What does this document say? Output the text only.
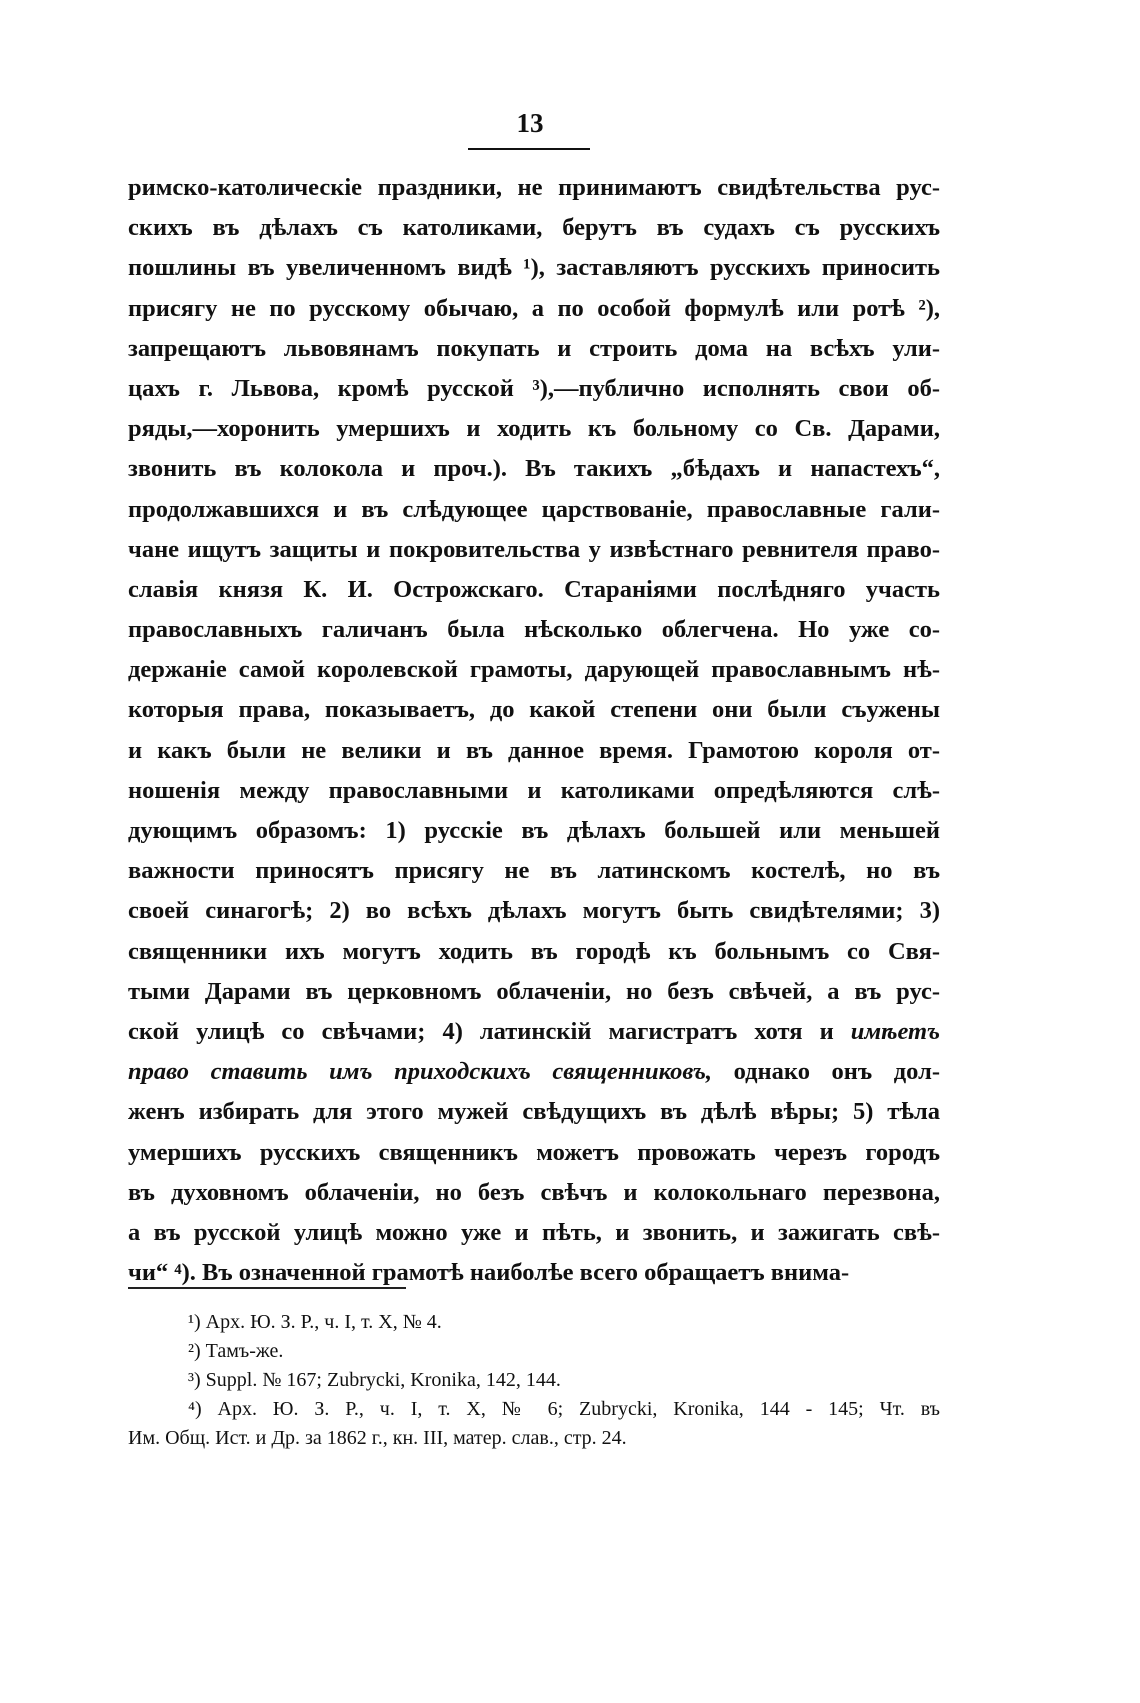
13
римско-католическіе праздники, не принимаютъ свидѣтельства рус-
скихъ въ дѣлахъ съ католиками, берутъ въ судахъ съ русскихъ
пошлины въ увеличенномъ видѣ ¹), заставляютъ русскихъ приносить
присягу не по русскому обычаю, а по особой формулѣ или ротѣ ²),
запрещаютъ львовянамъ покупать и строить дома на всѣхъ ули-
цахъ г. Львова, кромѣ русской ³),—публично исполнять свои об-
ряды,—хоронить умершихъ и ходить къ больному со Св. Дарами,
звонить въ колокола и проч.). Въ такихъ „бѣдахъ и напастехъ“,
продолжавшихся и въ слѣдующее царствованіе, православные гали-
чане ищутъ защиты и покровительства у извѣстнаго ревнителя право-
славія князя К. И. Острожскаго. Стараніями послѣдняго участь
православныхъ галичанъ была нѣсколько облегчена. Но уже со-
держаніе самой королевской грамоты, дарующей православнымъ нѣ-
которыя права, показываетъ, до какой степени они были съужены
и какъ были не велики и въ данное время. Грамотою короля от-
ношенія между православными и католиками опредѣляются слѣ-
дующимъ образомъ: 1) русскіе въ дѣлахъ большей или меньшей
важности приносятъ присягу не въ латинскомъ костелѣ, но въ
своей синагогѣ; 2) во всѣхъ дѣлахъ могутъ быть свидѣтелями; 3)
священники ихъ могутъ ходить въ городѣ къ больнымъ со Свя-
тыми Дарами въ церковномъ облаченіи, но безъ свѣчей, а въ рус-
ской улицѣ со свѣчами; 4) латинскій магистратъ хотя и имѣетъ
право ставить имъ приходскихъ священниковъ, однако онъ дол-
женъ избирать для этого мужей свѣдущихъ въ дѣлѣ вѣры; 5) тѣла
умершихъ русскихъ священникъ можетъ провожать черезъ городъ
въ духовномъ облаченіи, но безъ свѣчъ и колокольнаго перезвона,
а въ русской улицѣ можно уже и пѣть, и звонить, и зажигать свѣ-
чи“ ⁴). Въ означенной грамотѣ наиболѣе всего обращаетъ внима-
¹) Арх. Ю. З. Р., ч. I, т. X, № 4.
²) Тамъ-же.
³) Suppl. № 167; Zubrycki, Kronika, 142, 144.
⁴) Арх. Ю. З. Р., ч. I, т. X, № 6; Zubrycki, Kronika, 144 - 145; Чт. въ
Им. Общ. Ист. и Др. за 1862 г., кн. III, матер. слав., стр. 24.
